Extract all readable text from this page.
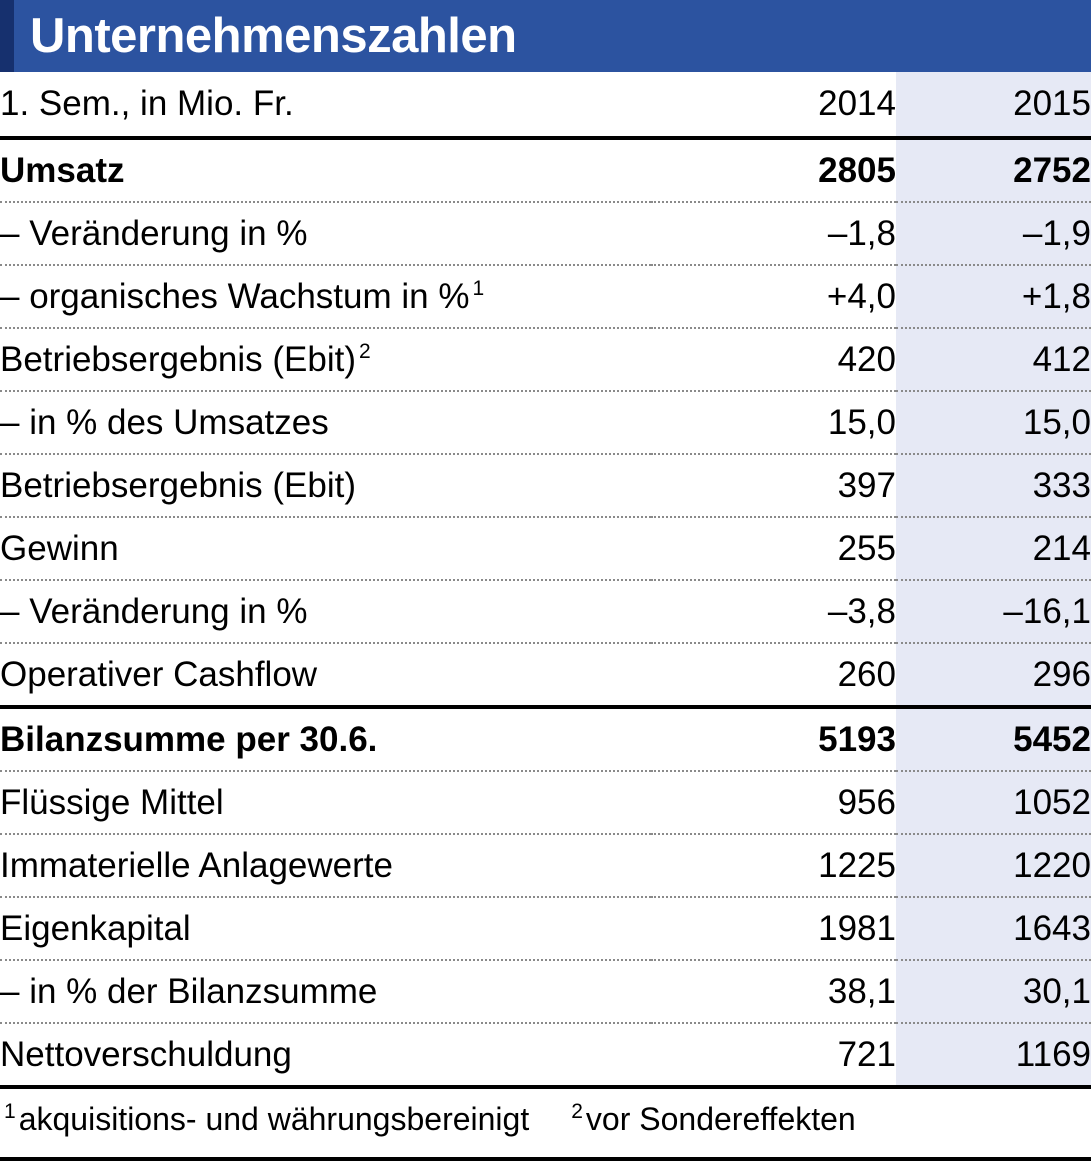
Unternehmenszahlen
1. Sem., in Mio. Fr.	2014	2015
Umsatz	2805	2752
– Veränderung in %	–1,8	–1,9
– organisches Wachstum in % $^1$	+4,0	+1,8
Betriebsergebnis (Ebit) $^2$	420	412
– in % des Umsatzes	15,0	15,0
Betriebsergebnis (Ebit)	397	333
Gewinn	255	214
– Veränderung in %	–3,8	–16,1
Operativer Cashflow	260	296
Bilanzsumme per 30.6.	5193	5452
Flüssige Mittel	956	1052
Immaterielle Anlagewerte	1225	1220
Eigenkapital	1981	1643
– in % der Bilanzsumme	38,1	30,1
Nettoverschuldung	721	1169
$^1$akquisitions- und währungsbereinigt $^2$vor Sondereffekten
